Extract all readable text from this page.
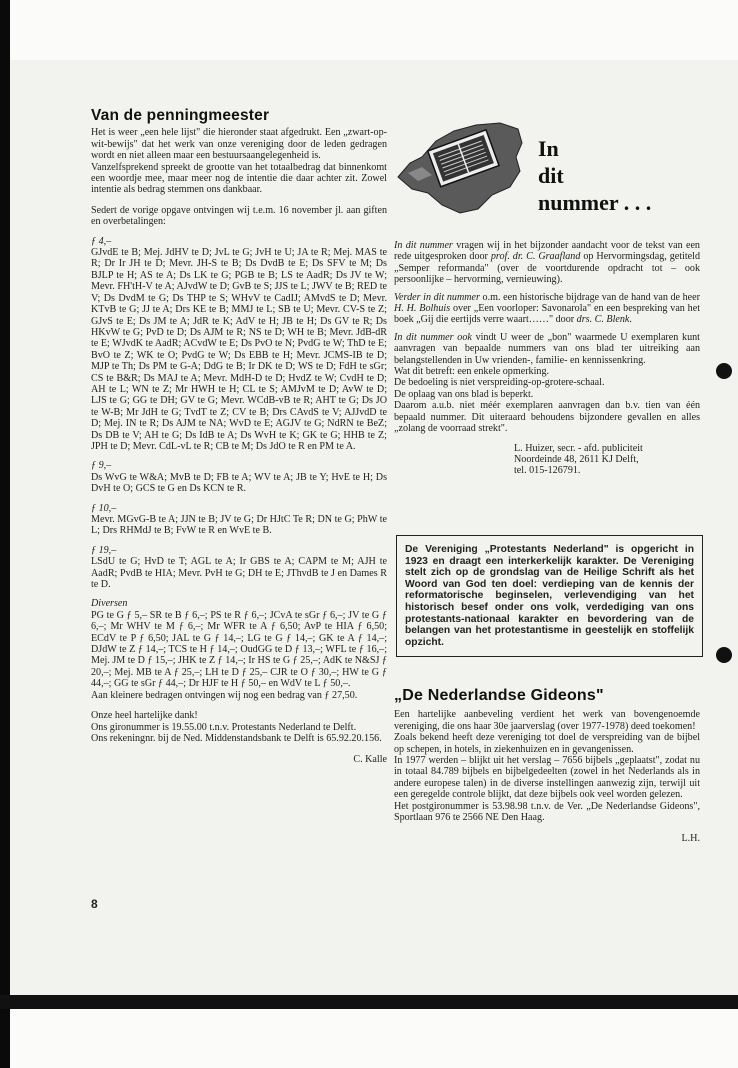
Van de penningmeester

Het is weer „een hele lijst" die hieronder staat afgedrukt. Een „zwart-op-wit-bewijs" dat het werk van onze vereniging door de leden gedragen wordt en niet alleen maar een bestuursaangelegenheid is.

Vanzelfsprekend spreekt de grootte van het totaalbedrag dat binnenkomt een woordje mee, maar meer nog de intentie die daar achter zit. Zowel intentie als bedrag stemmen ons dankbaar.

Sedert de vorige opgave ontvingen wij t.e.m. 16 november jl. aan giften en overbetalingen:

ƒ 4,–

GJvdE te B; Mej. JdHV te D; JvL te G; JvH te U; JA te R; Mej. MAS te R; Dr Ir JH te D; Mevr. JH-S te B; Ds DvdB te E; Ds SFV te M; Ds BJLP te H; AS te A; Ds LK te G; PGB te B; LS te AadR; Ds JV te W; Mevr. FH'tH-V te A; AJvdW te D; GvB te S; JJS te L; JWV te B; RED te V; Ds DvdM te G; Ds THP te S; WHvV te CadIJ; AMvdS te D; Mevr. KTvB te G; JJ te A; Drs KE te B; MMJ te L; SB te U; Mevr. CV-S te Z; GJvS te E; Ds JM te A; JdR te K; AdV te H; JB te H; Ds GV te R; Ds HKvW te G; PvD te D; Ds AJM te R; NS te D; WH te B; Mevr. JdB-dR te E; WJvdK te AadR; ACvdW te E; Ds PvO te N; PvdG te W; ThD te E; BvO te Z; WK te O; PvdG te W; Ds EBB te H; Mevr. JCMS-IB te D; MJP te Th; Ds PM te G-A; DdG te B; Ir DK te D; WS te D; FdH te sGr; CS te B&R; Ds MAJ te A; Mevr. MdH-D te D; HvdZ te W; CvdH te D; AH te L; WN te Z; Mr HWH te H; CL te S; AMJvM te D; AvW te D; LJS te G; GG te DH; GV te G; Mevr. WCdB-vB te R; AHT te G; Ds JO te W-B; Mr JdH te G; TvdT te Z; CV te B; Drs CAvdS te V; AJJvdD te D; Mej. IN te R; Ds AJM te NA; WvD te E; AGJV te G; NdRN te BeZ; Ds DB te V; AH te G; Ds IdB te A; Ds WvH te K; GK te G; HHB te Z; JPH te D; Mevr. CdL-vL te R; CB te M; Ds JdO te R en PM te A.

ƒ 9,–

Ds WvG te W&A; MvB te D; FB te A; WV te A; JB te Y; HvE te H; Ds DvH te O; GCS te G en Ds KCN te R.

ƒ 10,–

Mevr. MGvG-B te A; JJN te B; JV te G; Dr HJtC Te R; DN te G; PhW te L; Drs RHMdJ te B; FvW te R en WvE te B.

ƒ 19,–

LSdU te G; HvD te T; AGL te A; Ir GBS te A; CAPM te M; AJH te AadR; PvdB te HIA; Mevr. PvH te G; DH te E; JThvdB te J en Dames R te D.

Diversen

PG te G ƒ 5,– SR te B ƒ 6,–; PS te R ƒ 6,–; JCvA te sGr ƒ 6,–; JV te G ƒ 6,–; Mr WHV te M ƒ 6,–; Mr WFR te A ƒ 6,50; AvP te HIA ƒ 6,50; ECdV te P ƒ 6,50; JAL te G ƒ 14,–; LG te G ƒ 14,–; GK te A ƒ 14,–; DJdW te Z ƒ 14,–; TCS te H ƒ 14,–; OudGG te D ƒ 13,–; WFL te ƒ 16,–; Mej. JM te D ƒ 15,–; JHK te Z ƒ 14,–; Ir HS te G ƒ 25,–; AdK te N&SJ ƒ 20,–; Mej. MB te A ƒ 25,–; LH te D ƒ 25,– CJR te O ƒ 30,–; HW te G ƒ 44,–; GG te sGr ƒ 44,–; Dr HJF te H ƒ 50,– en WdV te L ƒ 50,–.

Aan kleinere bedragen ontvingen wij nog een bedrag van ƒ 27,50.

Onze heel hartelijke dank!

Ons gironummer is 19.55.00 t.n.v. Protestants Nederland te Delft.

Ons rekeningnr. bij de Ned. Middenstandsbank te Delft is 65.92.20.156.

C. Kalle

8
In
dit
nummer . . .

In dit nummer vragen wij in het bijzonder aandacht voor de tekst van een rede uitgesproken door prof. dr. C. Graafland op Hervormingsdag, getiteld „Semper reformanda" (over de voortdurende opdracht tot – ook persoonlijke – hervorming, vernieuwing).

Verder in dit nummer o.m. een historische bijdrage van de hand van de heer H. H. Bolhuis over „Een voorloper: Savonarola" en een bespreking van het boek „Gij die eertijds verre waart……" door drs. C. Blenk.

In dit nummer ook vindt U weer de „bon" waarmede U exemplaren kunt aanvragen van bepaalde nummers van ons blad ter uitreiking aan belangstellenden in Uw vrienden-, familie- en kennissenkring.

Wat dit betreft: een enkele opmerking.

De bedoeling is niet verspreiding-op-grotere-schaal.

De oplaag van ons blad is beperkt.

Daarom a.u.b. niet méér exemplaren aanvragen dan b.v. tien van één bepaald nummer. Dit uiteraard behoudens bijzondere gevallen en alles „zolang de voorraad strekt".

L. Huizer, secr. - afd. publiciteit
Noordeinde 48, 2611 KJ Delft,
tel. 015-126791.
De Vereniging „Protestants Nederland" is opgericht in 1923 en draagt een interkerkelijk karakter. De Vereniging stelt zich op de grondslag van de Heilige Schrift als het Woord van God ten doel: verdieping van de kennis der reformatorische beginselen, verlevendiging van het historisch besef onder ons volk, verdediging van ons protestants-nationaal karakter en bevordering van de belangen van het protestantisme in geestelijk en stoffelijk opzicht.
„De Nederlandse Gideons"

Een hartelijke aanbeveling verdient het werk van bovengenoemde vereniging, die ons haar 30e jaarverslag (over 1977-1978) deed toekomen!

Zoals bekend heeft deze vereniging tot doel de verspreiding van de bijbel op schepen, in hotels, in ziekenhuizen en in gevangenissen.

In 1977 werden – blijkt uit het verslag – 7656 bijbels „geplaatst", zodat nu in totaal 84.789 bijbels en bijbelgedeelten (zowel in het Nederlands als in andere europese talen) in de diverse instellingen aanwezig zijn, terwijl uit een geregelde controle blijkt, dat deze bijbels ook veel worden gelezen.

Het postgironummer is 53.98.98 t.n.v. de Ver. „De Nederlandse Gideons", Sportlaan 976 te 2566 NE Den Haag.

L.H.
